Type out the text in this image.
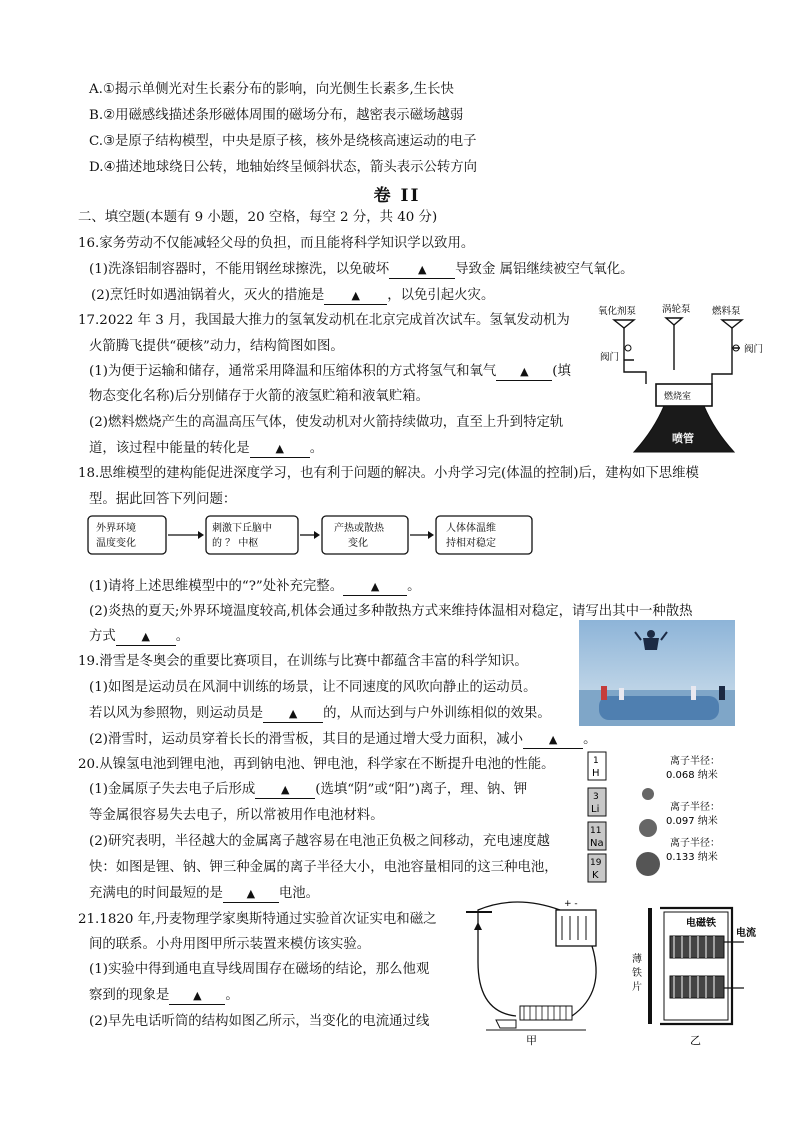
A.①揭示单侧光对生长素分布的影响，向光侧生长素多,生长快
B.②用磁感线描述条形磁体周围的磁场分布，越密表示磁场越弱
C.③是原子结构模型，中央是原子核，核外是绕核高速运动的电子
D.④描述地球绕日公转，地轴始终呈倾斜状态，箭头表示公转方向
卷 II
二、填空题(本题有 9 小题，20 空格，每空 2 分，共 40 分)
16.家务劳动不仅能减轻父母的负担，而且能将科学知识学以致用。
(1)洗涤铝制容器时，不能用钢丝球擦洗，以免破坏	▲ 导致金 属铝继续被空气氧化。
(2)烹饪时如遇油锅着火，灭火的措施是 ▲ ，以免引起火灾。
17.2022 年 3 月，我国最大推力的氢氧发动机在北京完成首次试车。氢氧发动机为
火箭腾飞提供“硬核”动力，结构简图如图。
(1)为便于运输和储存，通常采用降温和压缩体积的方式将氢气和氧气 ▲ (填
物态变化名称)后分别储存于火箭的液氢贮箱和液氧贮箱。
(2)燃料燃烧产生的高温高压气体，使发动机对火箭持续做功，直至上升到特定轨
道，该过程中能量的转化是 ▲ 。
氧化剂泵	涡轮泵 燃料泵
阀门
阀门
燃烧室
喷管
18.思维模型的建构能促进深度学习，也有利于问题的解决。小舟学习完(体温的控制)后，建构如下思维模
型。据此回答下列问题：
外界环境
温度变化
刺激下丘脑中
的 ？ 中枢
产热或散热
变化
人体体温维
持相对稳定
(1)请将上述思维模型中的“?”处补充完整。	▲ 。
(2)炎热的夏天;外界环境温度较高,机体会通过多种散热方式来维持体温相对稳定，请写出其中一种散热
方式 ▲ 。
19.滑雪是冬奥会的重要比赛项目，在训练与比赛中都蕴含丰富的科学知识。
(1)如图是运动员在风洞中训练的场景，让不同速度的风吹向静止的运动员。
若以风为参照物，则运动员是 ▲ 的，从而达到与户外训练相似的效果。
(2)滑雪时，运动员穿着长长的滑雪板，其目的是通过增大受力面积，减小 ▲ 。
20.从镍氢电池到锂电池，再到钠电池、钾电池，科学家在不断提升电池的性能。
(1)金属原子失去电子后形成 ▲ (选填“阴”或“阳”)离子，理、钠、钾
等金属很容易失去电子，所以常被用作电池材料。
(2)研究表明，半径越大的金属离子越容易在电池正负极之间移动，充电速度越
快：如图是锂、钠、钾三种金属的离子半径大小，电池容量相同的这三种电池，
充满电的时间最短的是 ▲ 电池。
1
H
3
Li
11
Na
19
K
离子半径：
0.068 纳米
离子半径：
0.097 纳米
离子半径：
0.133 纳米
21.1820 年,丹麦物理学家奥斯特通过实验首次证实电和磁之
间的联系。小舟用图甲所示装置来模仿该实验。
(1)实验中得到通电直导线周围存在磁场的结论，那么他观
察到的现象是 ▲ 。
(2)早先电话听筒的结构如图乙所示，当变化的电流通过线
+ -
甲
薄
铁
片
电磁铁
电流
乙
